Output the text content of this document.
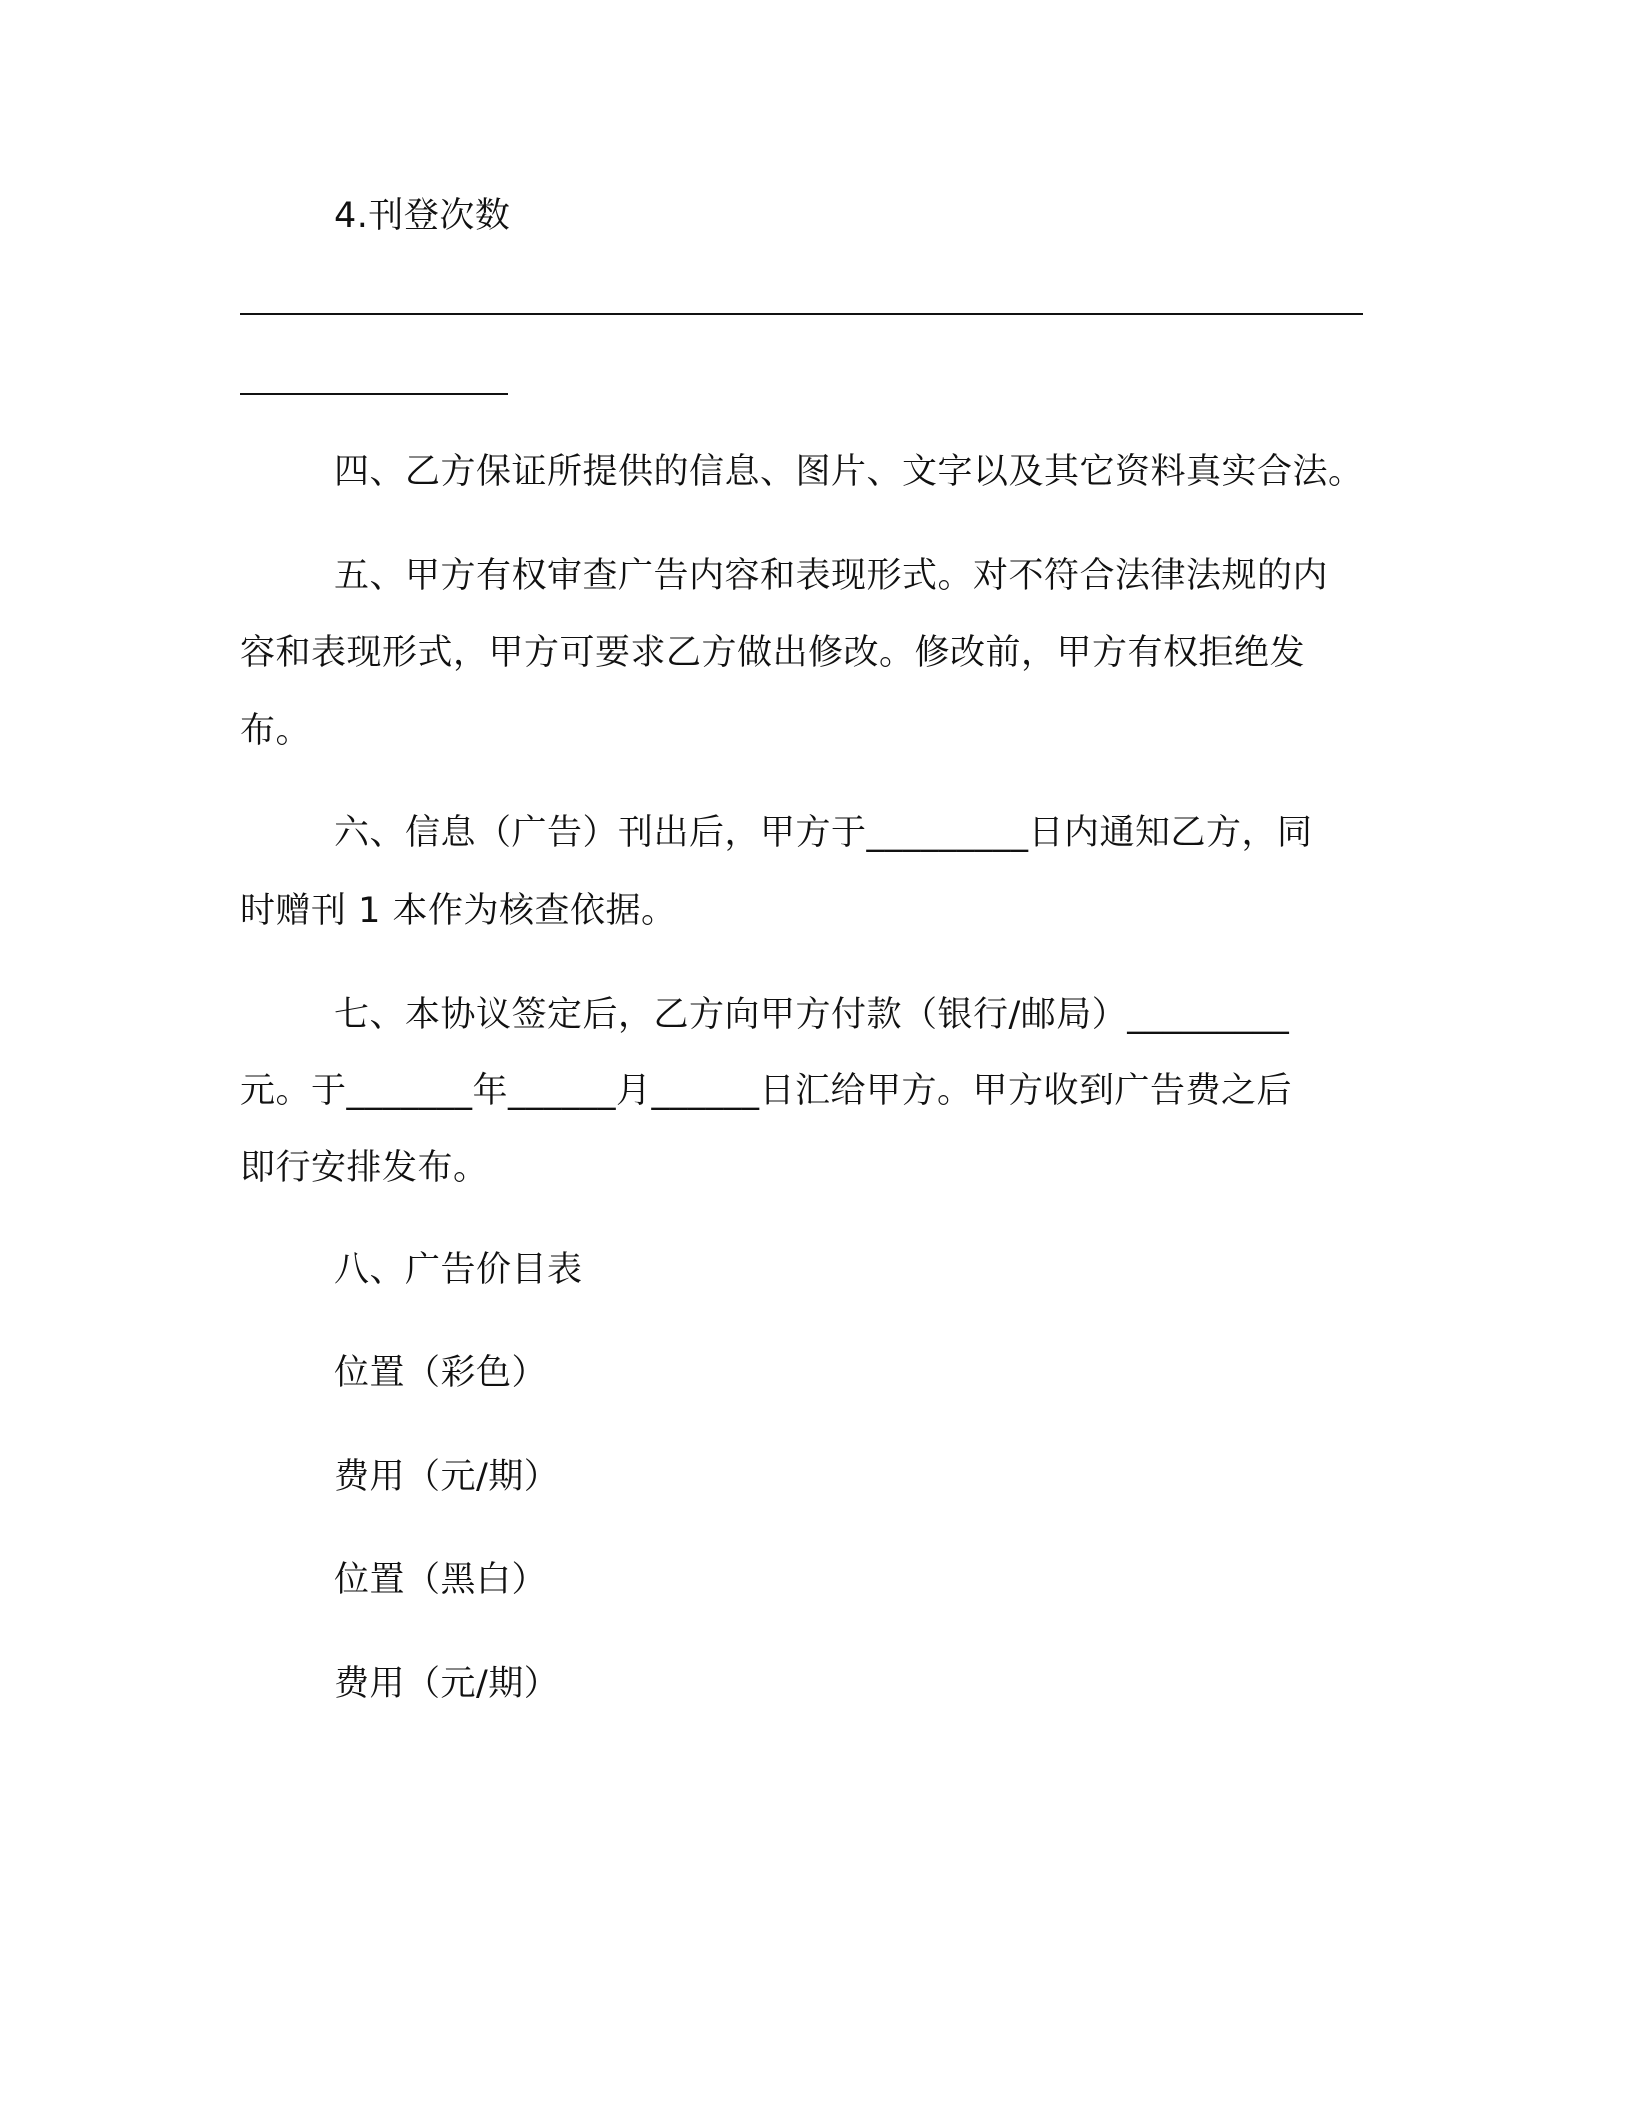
4.刊登次数
四、乙方保证所提供的信息、图片、文字以及其它资料真实合法。
五、甲方有权审查广告内容和表现形式。对不符合法律法规的内
容和表现形式，甲方可要求乙方做出修改。修改前，甲方有权拒绝发
布。
六、信息（广告）刊出后，甲方于_________日内通知乙方，同
时赠刊 1 本作为核查依据。
七、本协议签定后，乙方向甲方付款（银行/邮局）_________
元。于_______年______月______日汇给甲方。甲方收到广告费之后
即行安排发布。
八、广告价目表
位置（彩色）
费用（元/期）
位置（黑白）
费用（元/期）
